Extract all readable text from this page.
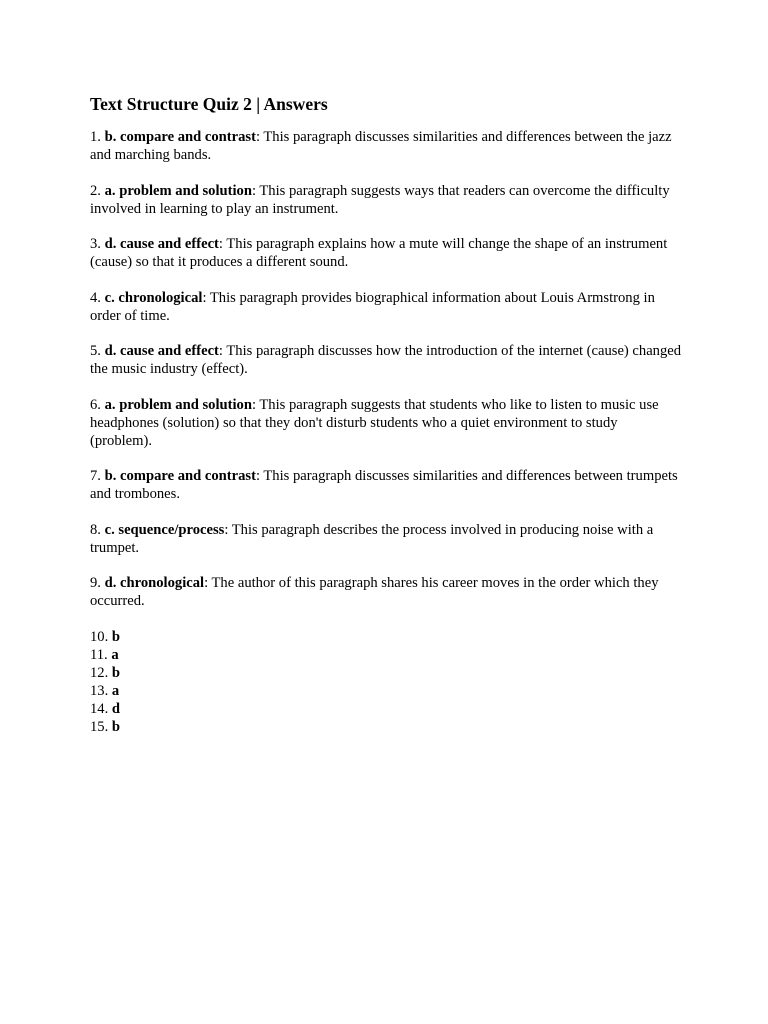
Text Structure Quiz 2 | Answers
1. b. compare and contrast: This paragraph discusses similarities and differences between the jazz and marching bands.
2. a. problem and solution: This paragraph suggests ways that readers can overcome the difficulty involved in learning to play an instrument.
3. d. cause and effect: This paragraph explains how a mute will change the shape of an instrument (cause) so that it produces a different sound.
4. c. chronological: This paragraph provides biographical information about Louis Armstrong in order of time.
5. d. cause and effect: This paragraph discusses how the introduction of the internet (cause) changed the music industry (effect).
6. a. problem and solution: This paragraph suggests that students who like to listen to music use headphones (solution) so that they don't disturb students who a quiet environment to study (problem).
7. b. compare and contrast: This paragraph discusses similarities and differences between trumpets and trombones.
8. c. sequence/process: This paragraph describes the process involved in producing noise with a trumpet.
9. d. chronological: The author of this paragraph shares his career moves in the order which they occurred.
10. b
11. a
12. b
13. a
14. d
15. b
